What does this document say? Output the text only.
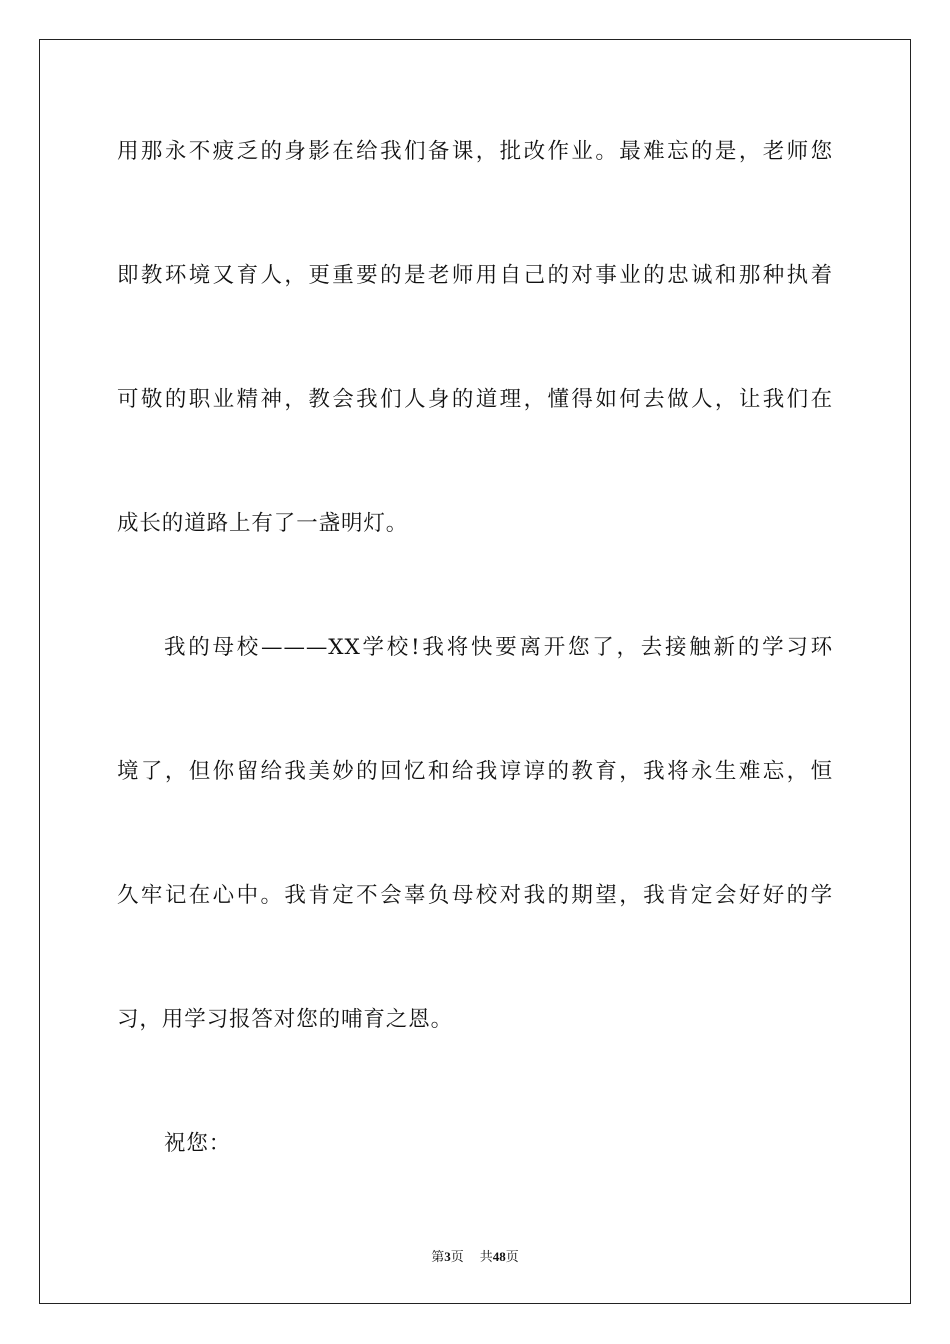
用那永不疲乏的身影在给我们备课，批改作业。最难忘的是，老师您
即教环境又育人，更重要的是老师用自己的对事业的忠诚和那种执着
可敬的职业精神，教会我们人身的道理，懂得如何去做人，让我们在
成长的道路上有了一盏明灯。
我的母校———XX学校!我将快要离开您了，去接触新的学习环
境了，但你留给我美妙的回忆和给我谆谆的教育，我将永生难忘，恒
久牢记在心中。我肯定不会辜负母校对我的期望，我肯定会好好的学
习，用学习报答对您的哺育之恩。
祝您：
第3页 共48页
